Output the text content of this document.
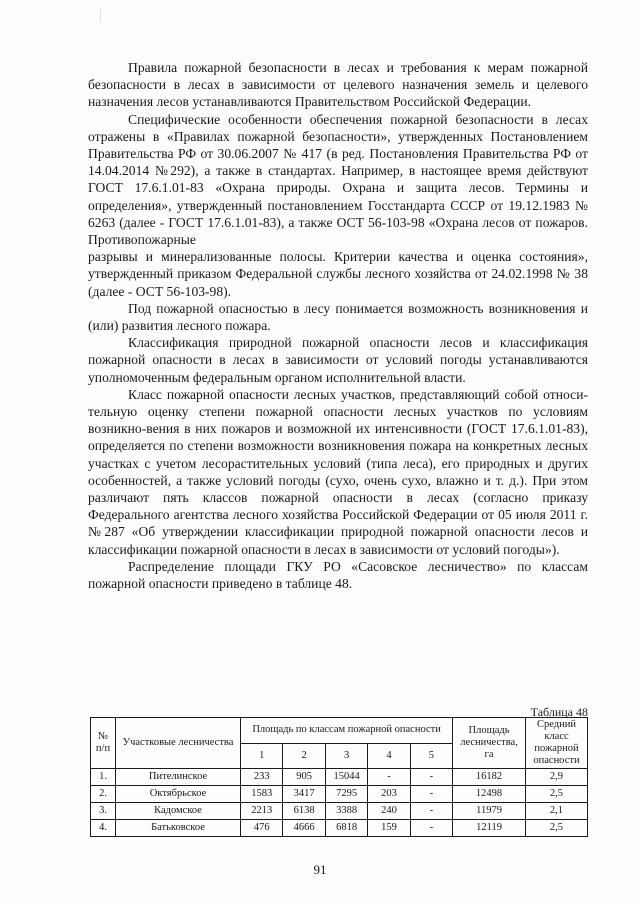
Правила пожарной безопасности в лесах и требования к мерам пожарной безопасности в лесах в зависимости от целевого назначения земель и целевого назначения лесов устанавливаются Правительством Российской Федерации.

Специфические особенности обеспечения пожарной безопасности в лесах отражены в «Правилах пожарной безопасности», утвержденных Постановлением Правительства РФ от 30.06.2007 № 417 (в ред. Постановления Правительства РФ от 14.04.2014 №292), а также в стандартах. Например, в настоящее время действуют ГОСТ 17.6.1.01-83 «Охрана природы. Охрана и защита лесов. Термины и определения», утвержденный постановлением Госстандарта СССР от 19.12.1983 № 6263 (далее - ГОСТ 17.6.1.01-83), а также ОСТ 56-103-98 «Охрана лесов от пожаров. Противопожарные

разрывы и минерализованные полосы. Критерии качества и оценка состояния», утвержденный приказом Федеральной службы лесного хозяйства от 24.02.1998 № 38 (далее - ОСТ 56-103-98).

Под пожарной опасностью в лесу понимается возможность возникновения и (или) развития лесного пожара.

Классификация природной пожарной опасности лесов и классификация пожарной опасности в лесах в зависимости от условий погоды устанавливаются уполномоченным федеральным органом исполнительной власти.

Класс пожарной опасности лесных участков, представляющий собой относи-тельную оценку степени пожарной опасности лесных участков по условиям возникно-вения в них пожаров и возможной их интенсивности (ГОСТ 17.6.1.01-83), определяется по степени возможности возникновения пожара на конкретных лесных участках с учетом лесорастительных условий (типа леса), его природных и других особенностей, а также условий погоды (сухо, очень сухо, влажно и т. д.). При этом различают пять классов пожарной опасности в лесах (согласно приказу Федерального агентства лесного хозяйства Российской Федерации от 05 июля 2011 г. №287 «Об утверждении классификации природной пожарной опасности лесов и классификации пожарной опасности в лесах в зависимости от условий погоды»).

Распределение площади ГКУ РО «Сасовское лесничество» по классам пожарной опасности приведено в таблице 48.

Таблица 48
№ п/п	Участковые лесничества	Площадь по классам пожарной опасности					Площадь лесничества, га	Средний класс пожарной опасности
		1	2	3	4	5		
1.	Пителинское	233	905	15044	-	-	16182	2,9
2.	Октябрьское	1583	3417	7295	203	-	12498	2,5
3.	Кадомское	2213	6138	3388	240	-	11979	2,1
4.	Батьковское	476	4666	6818	159	-	12119	2,5
91
